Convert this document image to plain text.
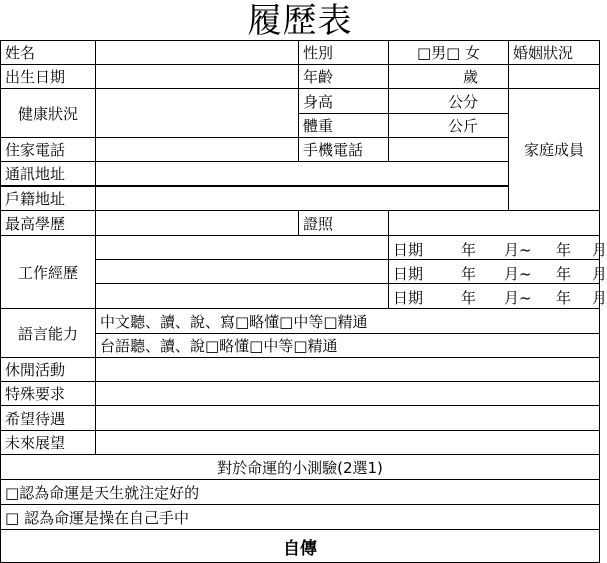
履歷表
姓名	性別	□男□ 女	婚姻狀況
出生日期	年齡	歲
健康狀況
身高	公分
體重	公斤
家庭成員
住家電話	手機電話
通訊地址
戶籍地址
最高學歷	證照
工作經歷
日期	年 月~ 年 月
日期	年 月~ 年 月
日期	年 月~ 年 月
語言能力
中文聽、讀、說、寫□略懂□中等□精通
台語聽、讀、說□略懂□中等□精通
休閒活動
特殊要求
希望待遇
未來展望
對於命運的小測驗(2選1)
□認為命運是天生就注定好的
□ 認為命運是操在自己手中
自傳
